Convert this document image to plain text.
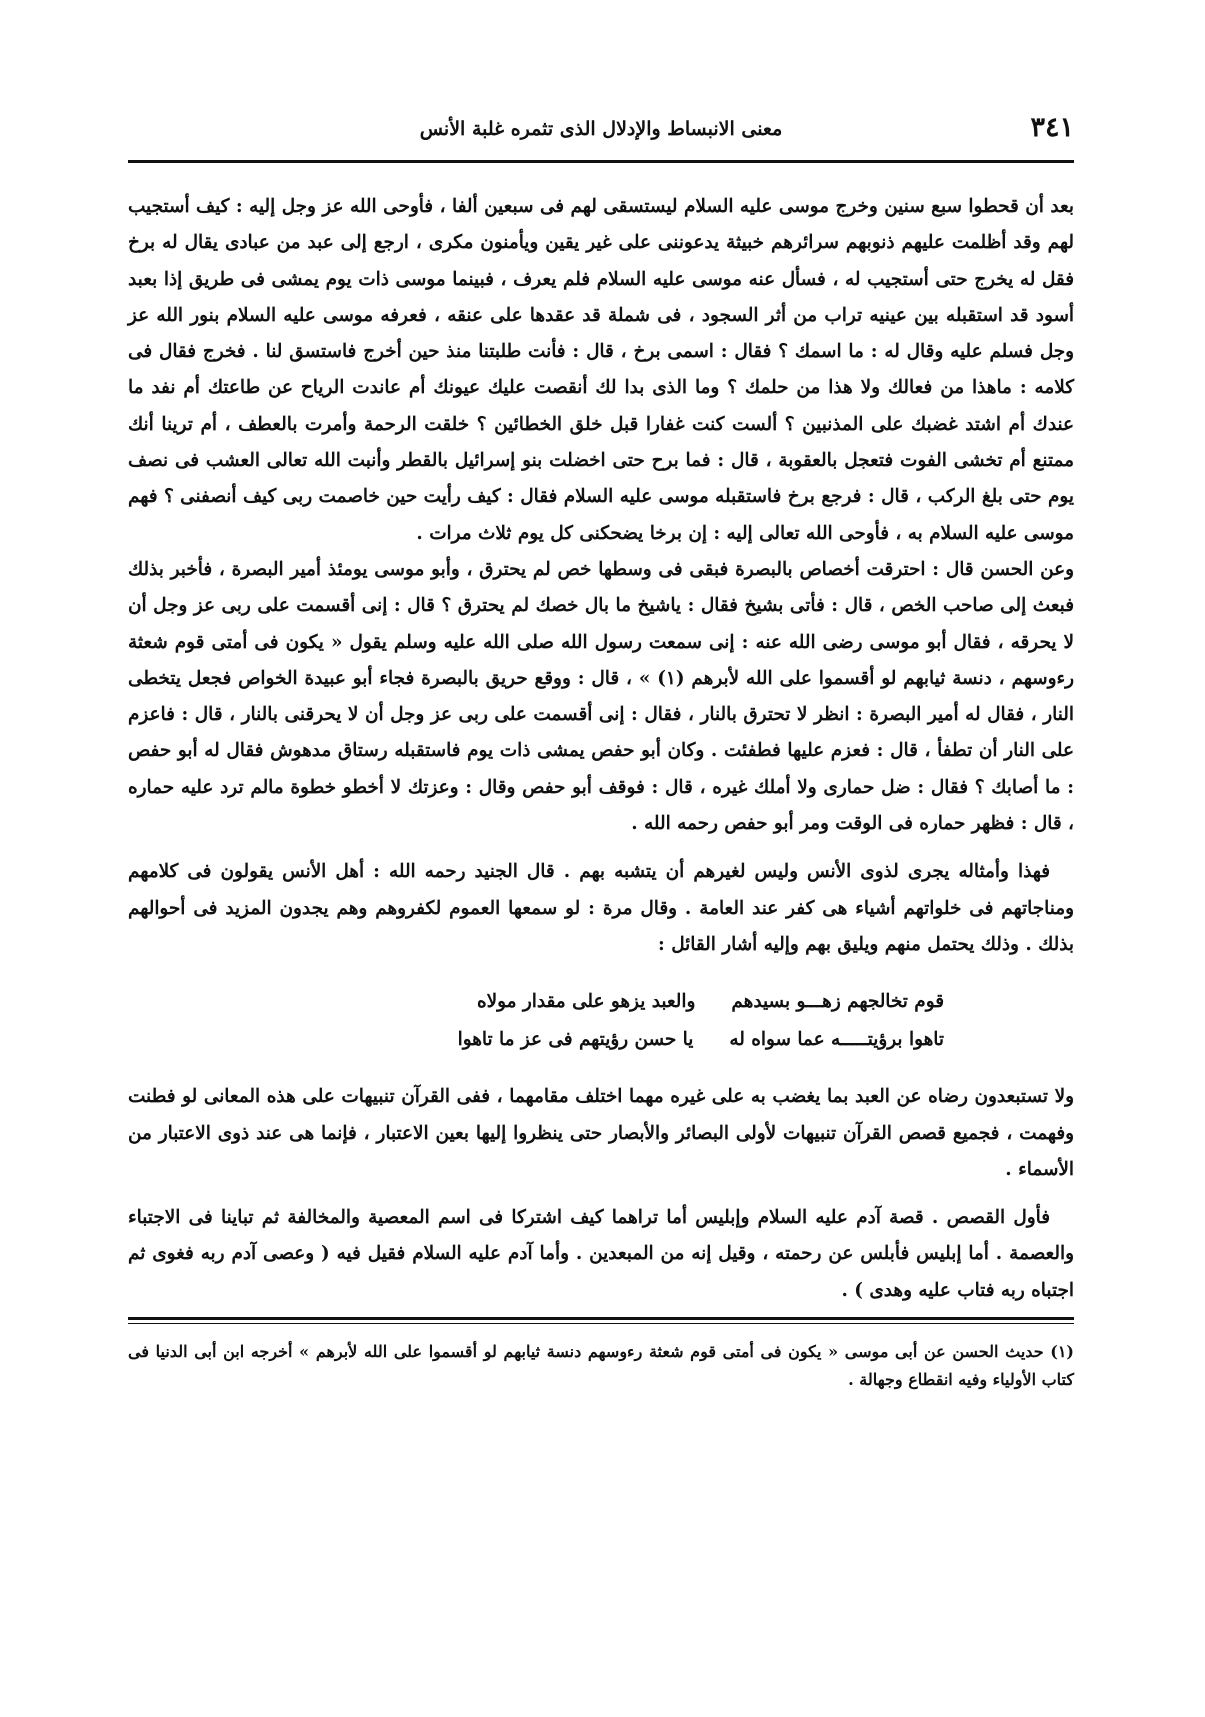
٣٤١
معنى الانبساط والإدلال الذى تثمره غلبة الأنس

بعد أن قحطوا سبع سنين وخرج موسى عليه السلام ليستسقى لهم فى سبعين ألفا ، فأوحى الله عز وجل إليه : كيف أستجيب لهم وقد أظلمت عليهم ذنوبهم سرائرهم خبيثة يدعوننى على غير يقين ويأمنون مكرى ، ارجع إلى عبد من عبادى يقال له برخ فقل له يخرج حتى أستجيب له ، فسأل عنه موسى عليه السلام فلم يعرف ، فبينما موسى ذات يوم يمشى فى طريق إذا بعبد أسود قد استقبله بين عينيه تراب من أثر السجود ، فى شملة قد عقدها على عنقه ، فعرفه موسى عليه السلام بنور الله عز وجل فسلم عليه وقال له : ما اسمك ؟ فقال : اسمى برخ ، قال : فأنت طلبتنا منذ حين أخرج فاستسق لنا . فخرج فقال فى كلامه : ماهذا من فعالك ولا هذا من حلمك ؟ وما الذى بدا لك أنقصت عليك عيونك أم عاندت الرياح عن طاعتك أم نفد ما عندك أم اشتد غضبك على المذنبين ؟ ألست كنت غفارا قبل خلق الخطائين ؟ خلقت الرحمة وأمرت بالعطف ، أم ترينا أنك ممتنع أم تخشى الفوت فتعجل بالعقوبة ، قال : فما برح حتى اخضلت بنو إسرائيل بالقطر وأنبت الله تعالى العشب فى نصف يوم حتى بلغ الركب ، قال : فرجع برخ فاستقبله موسى عليه السلام فقال : كيف رأيت حين خاصمت ربى كيف أنصفنى ؟ فهم موسى عليه السلام به ، فأوحى الله تعالى إليه : إن برخا يضحكنى كل يوم ثلاث مرات .

وعن الحسن قال : احترقت أخصاص بالبصرة فبقى فى وسطها خص لم يحترق ، وأبو موسى يومئذ أمير البصرة ، فأخبر بذلك فبعث إلى صاحب الخص ، قال : فأتى بشيخ فقال : ياشيخ ما بال خصك لم يحترق ؟ قال : إنى أقسمت على ربى عز وجل أن لا يحرقه ، فقال أبو موسى رضى الله عنه : إنى سمعت رسول الله صلى الله عليه وسلم يقول « يكون فى أمتى قوم شعثة رءوسهم ، دنسة ثيابهم لو أقسموا على الله لأبرهم (١) » ، قال : ووقع حريق بالبصرة فجاء أبو عبيدة الخواص فجعل يتخطى النار ، فقال له أمير البصرة : انظر لا تحترق بالنار ، فقال : إنى أقسمت على ربى عز وجل أن لا يحرقنى بالنار ، قال : فاعزم على النار أن تطفأ ، قال : فعزم عليها فطفئت . وكان أبو حفص يمشى ذات يوم فاستقبله رستاق مدهوش فقال له أبو حفص : ما أصابك ؟ فقال : ضل حمارى ولا أملك غيره ، قال : فوقف أبو حفص وقال : وعزتك لا أخطو خطوة مالم ترد عليه حماره ، قال : فظهر حماره فى الوقت ومر أبو حفص رحمه الله .

فهذا وأمثاله يجرى لذوى الأنس وليس لغيرهم أن يتشبه بهم . قال الجنيد رحمه الله : أهل الأنس يقولون فى كلامهم ومناجاتهم فى خلواتهم أشياء هى كفر عند العامة . وقال مرة : لو سمعها العموم لكفروهم وهم يجدون المزيد فى أحوالهم بذلك . وذلك يحتمل منهم ويليق بهم وإليه أشار القائل :

قوم تخالجهم زهـــو بسيدهم
والعبد يزهو على مقدار مولاه
تاهوا برؤيتـــــه عما سواه له
يا حسن رؤيتهم فى عز ما تاهوا

ولا تستبعدون رضاه عن العبد بما يغضب به على غيره مهما اختلف مقامهما ، ففى القرآن تنبيهات على هذه المعانى لو فطنت وفهمت ، فجميع قصص القرآن تنبيهات لأولى البصائر والأبصار حتى ينظروا إليها بعين الاعتبار ، فإنما هى عند ذوى الاعتبار من الأسماء .

فأول القصص . قصة آدم عليه السلام وإبليس أما تراهما كيف اشتركا فى اسم المعصية والمخالفة ثم تباينا فى الاجتباء والعصمة . أما إبليس فأبلس عن رحمته ، وقيل إنه من المبعدين . وأما آدم عليه السلام فقيل فيه ( وعصى آدم ربه فغوى ثم اجتباه ربه فتاب عليه وهدى ) .

(١) حديث الحسن عن أبى موسى « يكون فى أمتى قوم شعثة رءوسهم دنسة ثيابهم لو أقسموا على الله لأبرهم » أخرجه ابن أبى الدنيا فى كتاب الأولياء وفيه انقطاع وجهالة .
